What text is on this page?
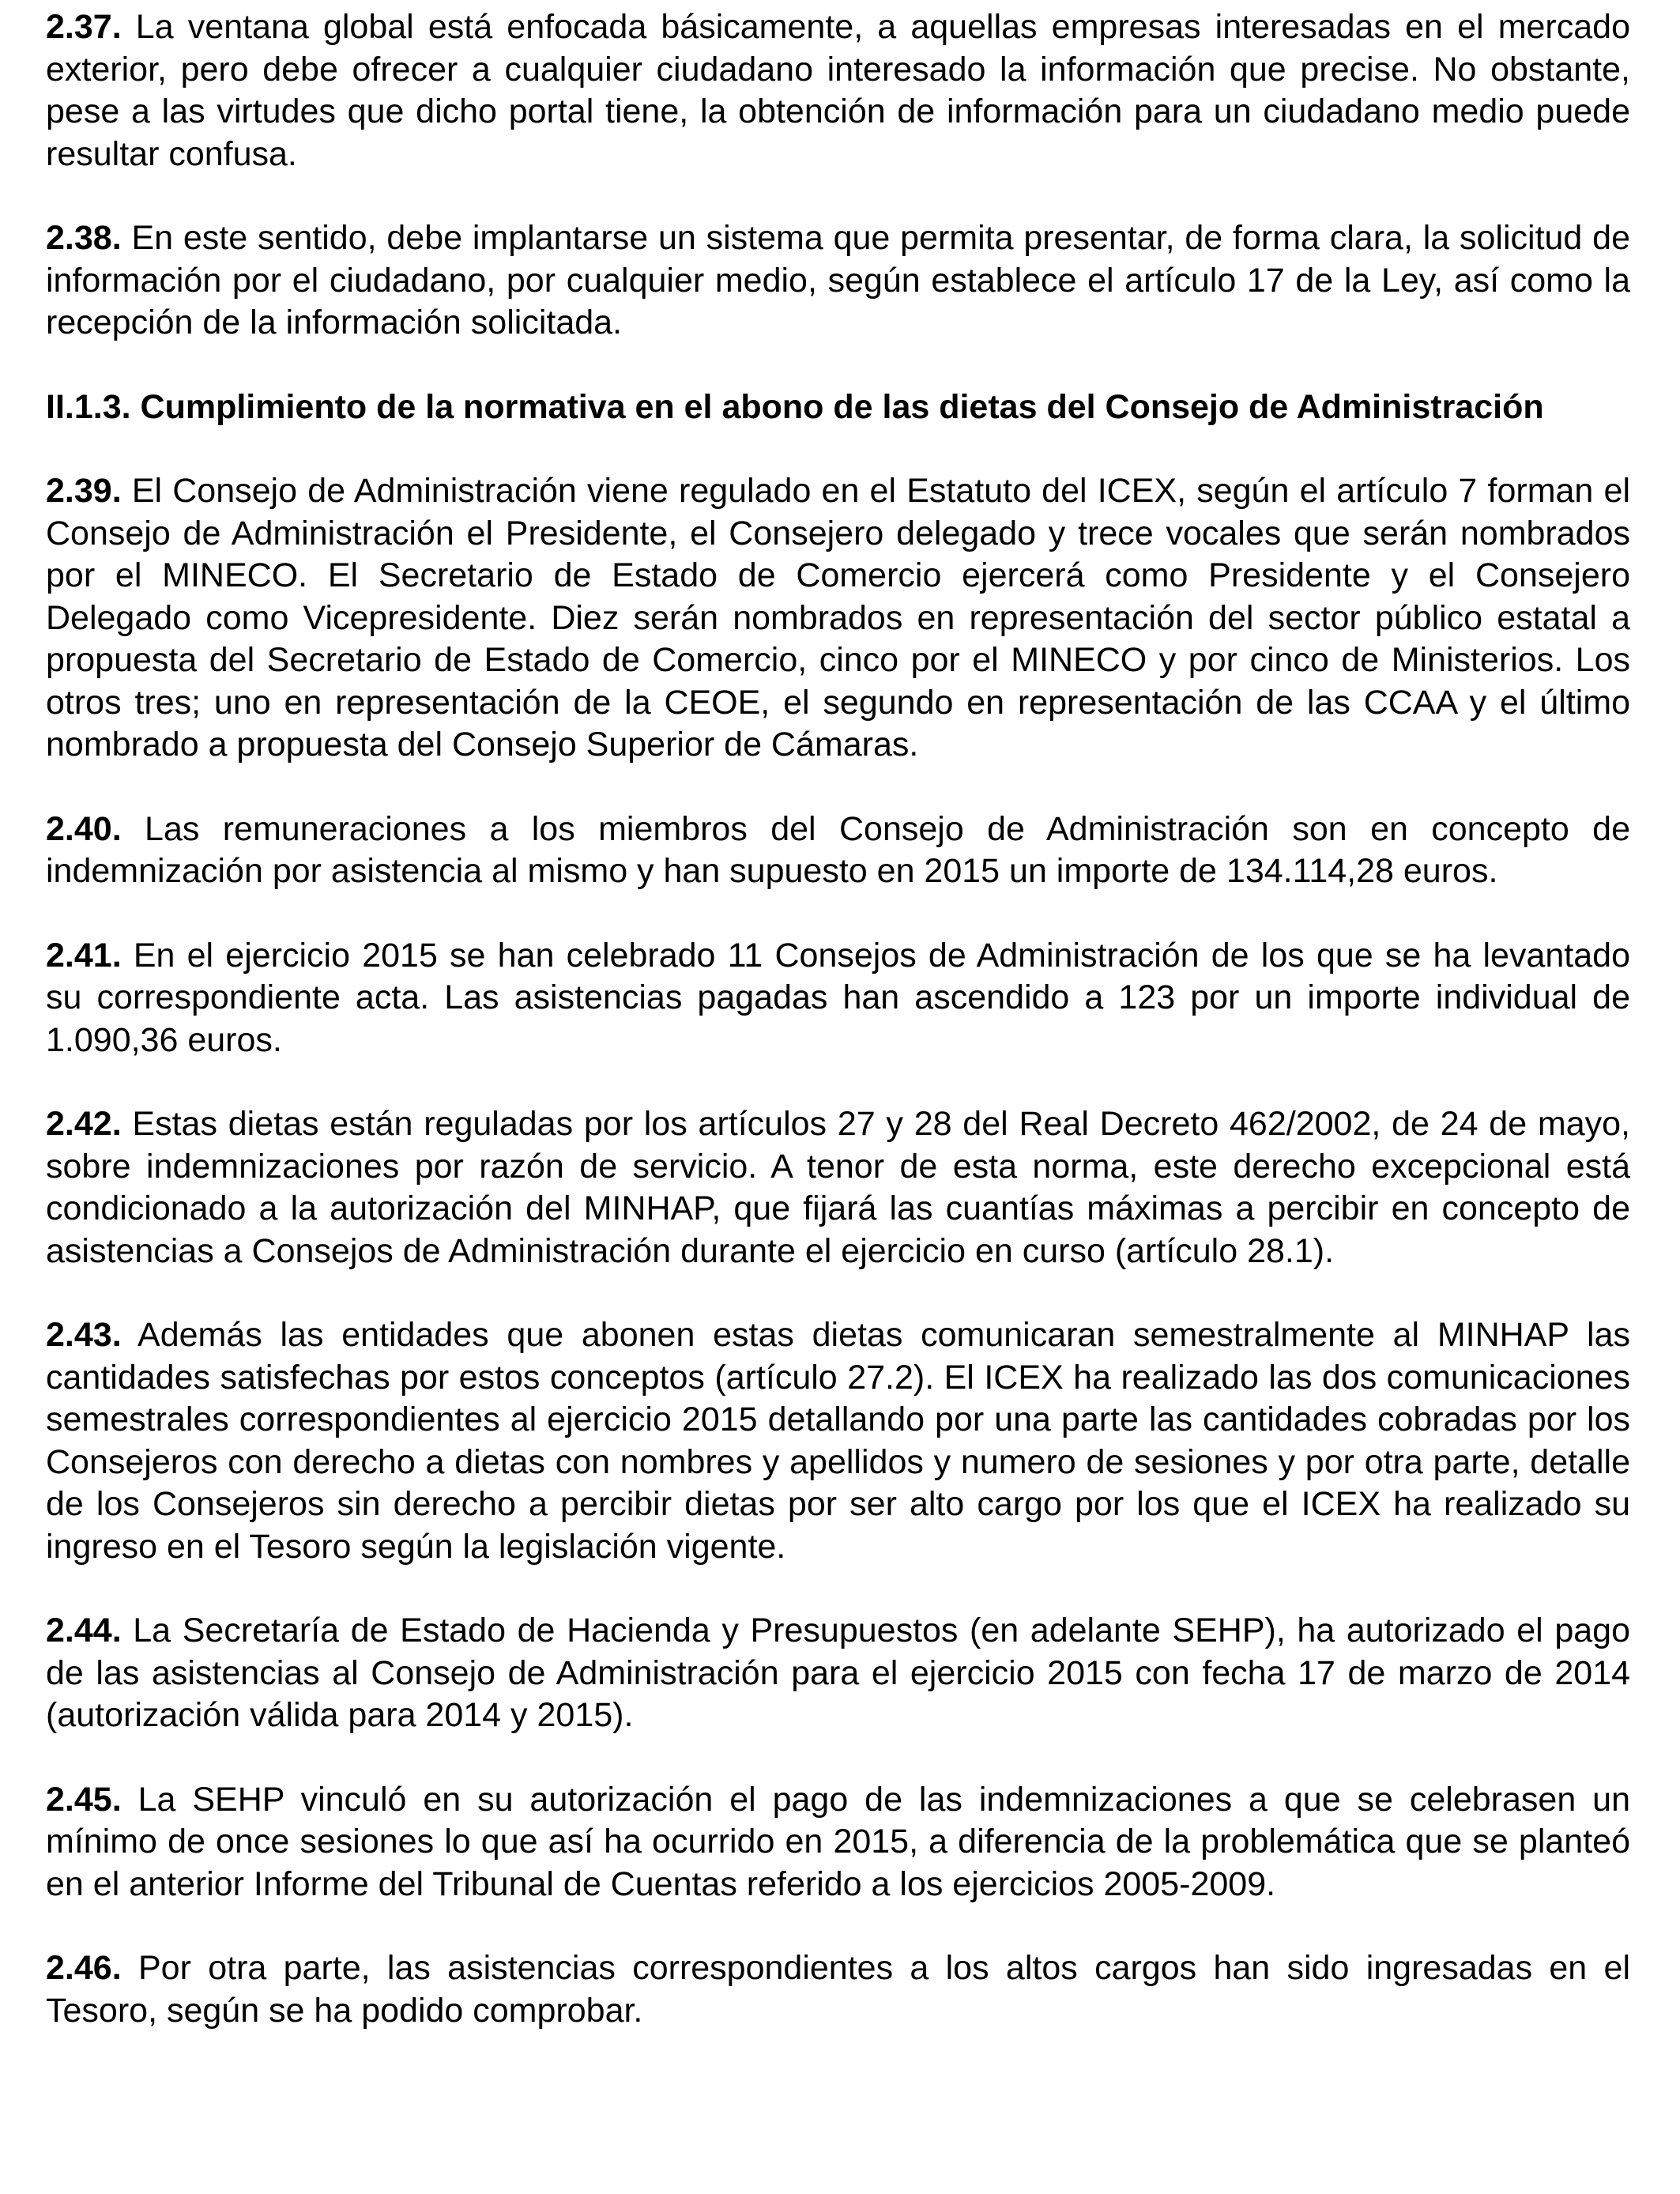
2.37. La ventana global está enfocada básicamente, a aquellas empresas interesadas en el mercado exterior, pero debe ofrecer a cualquier ciudadano interesado la información que precise. No obstante, pese a las virtudes que dicho portal tiene, la obtención de información para un ciudadano medio puede resultar confusa.

2.38. En este sentido, debe implantarse un sistema que permita presentar, de forma clara, la solicitud de información por el ciudadano, por cualquier medio, según establece el artículo 17 de la Ley, así como la recepción de la información solicitada.

II.1.3. Cumplimiento de la normativa en el abono de las dietas del Consejo de Administración

2.39. El Consejo de Administración viene regulado en el Estatuto del ICEX, según el artículo 7 forman el Consejo de Administración el Presidente, el Consejero delegado y trece vocales que serán nombrados por el MINECO. El Secretario de Estado de Comercio ejercerá como Presidente y el Consejero Delegado como Vicepresidente. Diez serán nombrados en representación del sector público estatal a propuesta del Secretario de Estado de Comercio, cinco por el MINECO y por cinco de Ministerios. Los otros tres; uno en representación de la CEOE, el segundo en representación de las CCAA y el último nombrado a propuesta del Consejo Superior de Cámaras.

2.40. Las remuneraciones a los miembros del Consejo de Administración son en concepto de indemnización por asistencia al mismo y han supuesto en 2015 un importe de 134.114,28 euros.

2.41. En el ejercicio 2015 se han celebrado 11 Consejos de Administración de los que se ha levantado su correspondiente acta. Las asistencias pagadas han ascendido a 123 por un importe individual de 1.090,36 euros.

2.42. Estas dietas están reguladas por los artículos 27 y 28 del Real Decreto 462/2002, de 24 de mayo, sobre indemnizaciones por razón de servicio. A tenor de esta norma, este derecho excepcional está condicionado a la autorización del MINHAP, que fijará las cuantías máximas a percibir en concepto de asistencias a Consejos de Administración durante el ejercicio en curso (artículo 28.1).

2.43. Además las entidades que abonen estas dietas comunicaran semestralmente al MINHAP las cantidades satisfechas por estos conceptos (artículo 27.2). El ICEX ha realizado las dos comunicaciones semestrales correspondientes al ejercicio 2015 detallando por una parte las cantidades cobradas por los Consejeros con derecho a dietas con nombres y apellidos y numero de sesiones y por otra parte, detalle de los Consejeros sin derecho a percibir dietas por ser alto cargo por los que el ICEX ha realizado su ingreso en el Tesoro según la legislación vigente.

2.44. La Secretaría de Estado de Hacienda y Presupuestos (en adelante SEHP), ha autorizado el pago de las asistencias al Consejo de Administración para el ejercicio 2015 con fecha 17 de marzo de 2014 (autorización válida para 2014 y 2015).

2.45. La SEHP vinculó en su autorización el pago de las indemnizaciones a que se celebrasen un mínimo de once sesiones lo que así ha ocurrido en 2015, a diferencia de la problemática que se planteó en el anterior Informe del Tribunal de Cuentas referido a los ejercicios 2005-2009.

2.46. Por otra parte, las asistencias correspondientes a los altos cargos han sido ingresadas en el Tesoro, según se ha podido comprobar.
